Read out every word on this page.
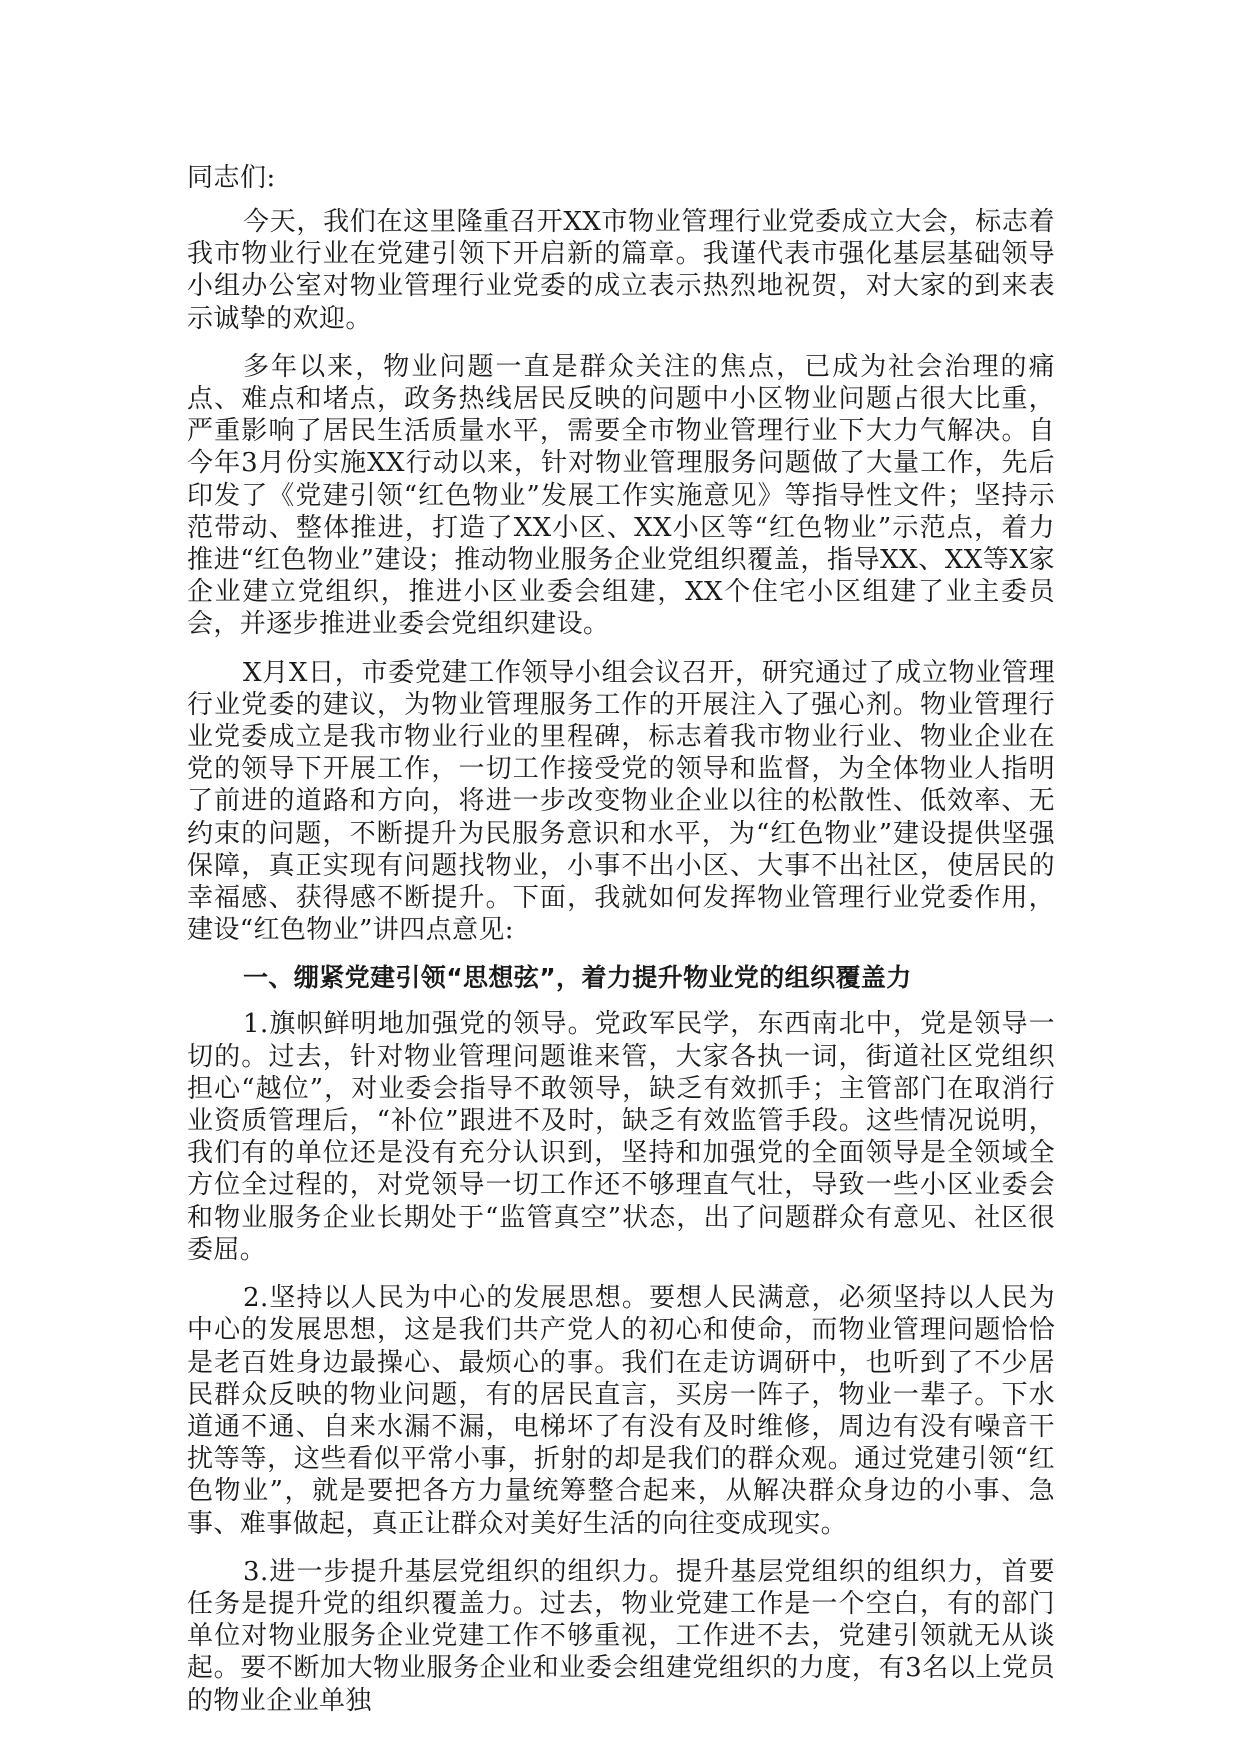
同志们:

今天，我们在这里隆重召开XX市物业管理行业党委成立大会，标志着我市物业行业在党建引领下开启新的篇章。我谨代表市强化基层基础领导小组办公室对物业管理行业党委的成立表示热烈地祝贺，对大家的到来表示诚挚的欢迎。

多年以来，物业问题一直是群众关注的焦点，已成为社会治理的痛点、难点和堵点，政务热线居民反映的问题中小区物业问题占很大比重，严重影响了居民生活质量水平，需要全市物业管理行业下大力气解决。自今年3月份实施XX行动以来，针对物业管理服务问题做了大量工作，先后印发了《党建引领“红色物业”发展工作实施意见》等指导性文件；坚持示范带动、整体推进，打造了XX小区、XX小区等“红色物业”示范点，着力推进“红色物业”建设；推动物业服务企业党组织覆盖，指导XX、XX等X家企业建立党组织，推进小区业委会组建，XX个住宅小区组建了业主委员会，并逐步推进业委会党组织建设。

X月X日，市委党建工作领导小组会议召开，研究通过了成立物业管理行业党委的建议，为物业管理服务工作的开展注入了强心剂。物业管理行业党委成立是我市物业行业的里程碑，标志着我市物业行业、物业企业在党的领导下开展工作，一切工作接受党的领导和监督，为全体物业人指明了前进的道路和方向，将进一步改变物业企业以往的松散性、低效率、无约束的问题，不断提升为民服务意识和水平，为“红色物业”建设提供坚强保障，真正实现有问题找物业，小事不出小区、大事不出社区，使居民的幸福感、获得感不断提升。下面，我就如何发挥物业管理行业党委作用，建设“红色物业”讲四点意见:

一、绷紧党建引领“思想弦”，着力提升物业党的组织覆盖力

1.旗帜鲜明地加强党的领导。党政军民学，东西南北中，党是领导一切的。过去，针对物业管理问题谁来管，大家各执一词，街道社区党组织担心“越位”，对业委会指导不敢领导，缺乏有效抓手；主管部门在取消行业资质管理后，“补位”跟进不及时，缺乏有效监管手段。这些情况说明，我们有的单位还是没有充分认识到，坚持和加强党的全面领导是全领域全方位全过程的，对党领导一切工作还不够理直气壮，导致一些小区业委会和物业服务企业长期处于“监管真空”状态，出了问题群众有意见、社区很委屈。

2.坚持以人民为中心的发展思想。要想人民满意，必须坚持以人民为中心的发展思想，这是我们共产党人的初心和使命，而物业管理问题恰恰是老百姓身边最操心、最烦心的事。我们在走访调研中，也听到了不少居民群众反映的物业问题，有的居民直言，买房一阵子，物业一辈子。下水道通不通、自来水漏不漏，电梯坏了有没有及时维修，周边有没有噪音干扰等等，这些看似平常小事，折射的却是我们的群众观。通过党建引领“红色物业”，就是要把各方力量统筹整合起来，从解决群众身边的小事、急事、难事做起，真正让群众对美好生活的向往变成现实。

3.进一步提升基层党组织的组织力。提升基层党组织的组织力，首要任务是提升党的组织覆盖力。过去，物业党建工作是一个空白，有的部门单位对物业服务企业党建工作不够重视，工作进不去，党建引领就无从谈起。要不断加大物业服务企业和业委会组建党组织的力度，有3名以上党员的物业企业单独
